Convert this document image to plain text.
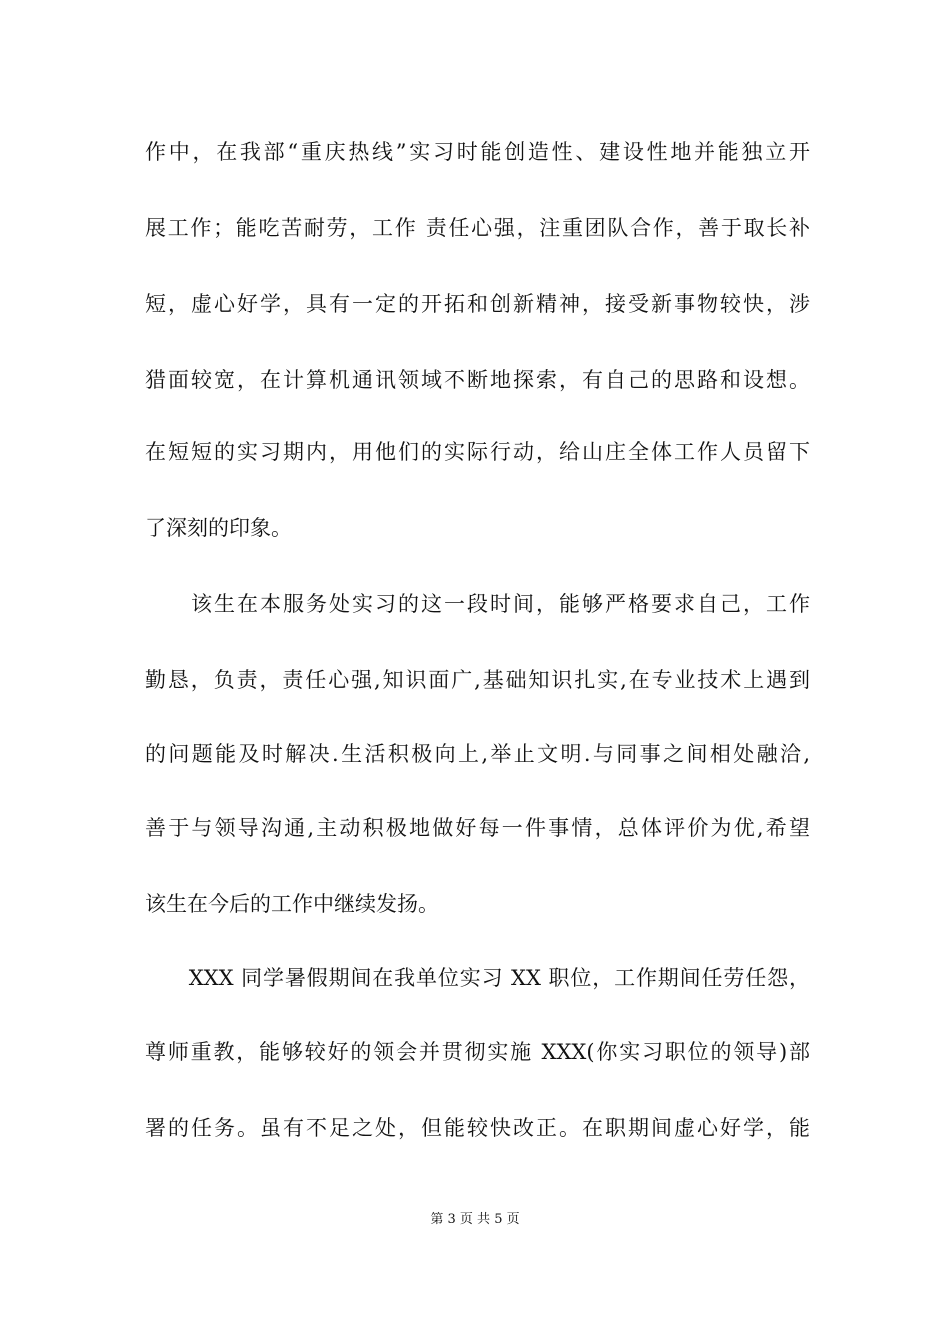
作中，在我部“重庆热线”实习时能创造性、建设性地并能独立开
展工作；能吃苦耐劳，工作 责任心强，注重团队合作，善于取长补
短，虚心好学，具有一定的开拓和创新精神，接受新事物较快，涉
猎面较宽，在计算机通讯领域不断地探索，有自己的思路和设想。
在短短的实习期内，用他们的实际行动，给山庄全体工作人员留下
了深刻的印象。
　　该生在本服务处实习的这一段时间，能够严格要求自己，工作
勤恳，负责，责任心强,知识面广,基础知识扎实,在专业技术上遇到
的问题能及时解决.生活积极向上,举止文明.与同事之间相处融洽,
善于与领导沟通,主动积极地做好每一件事情，总体评价为优,希望
该生在今后的工作中继续发扬。
　　XXX 同学暑假期间在我单位实习 XX 职位，工作期间任劳任怨，
尊师重教，能够较好的领会并贯彻实施 XXX(你实习职位的领导)部
署的任务。虽有不足之处，但能较快改正。在职期间虚心好学，能
第 3 页 共 5 页
